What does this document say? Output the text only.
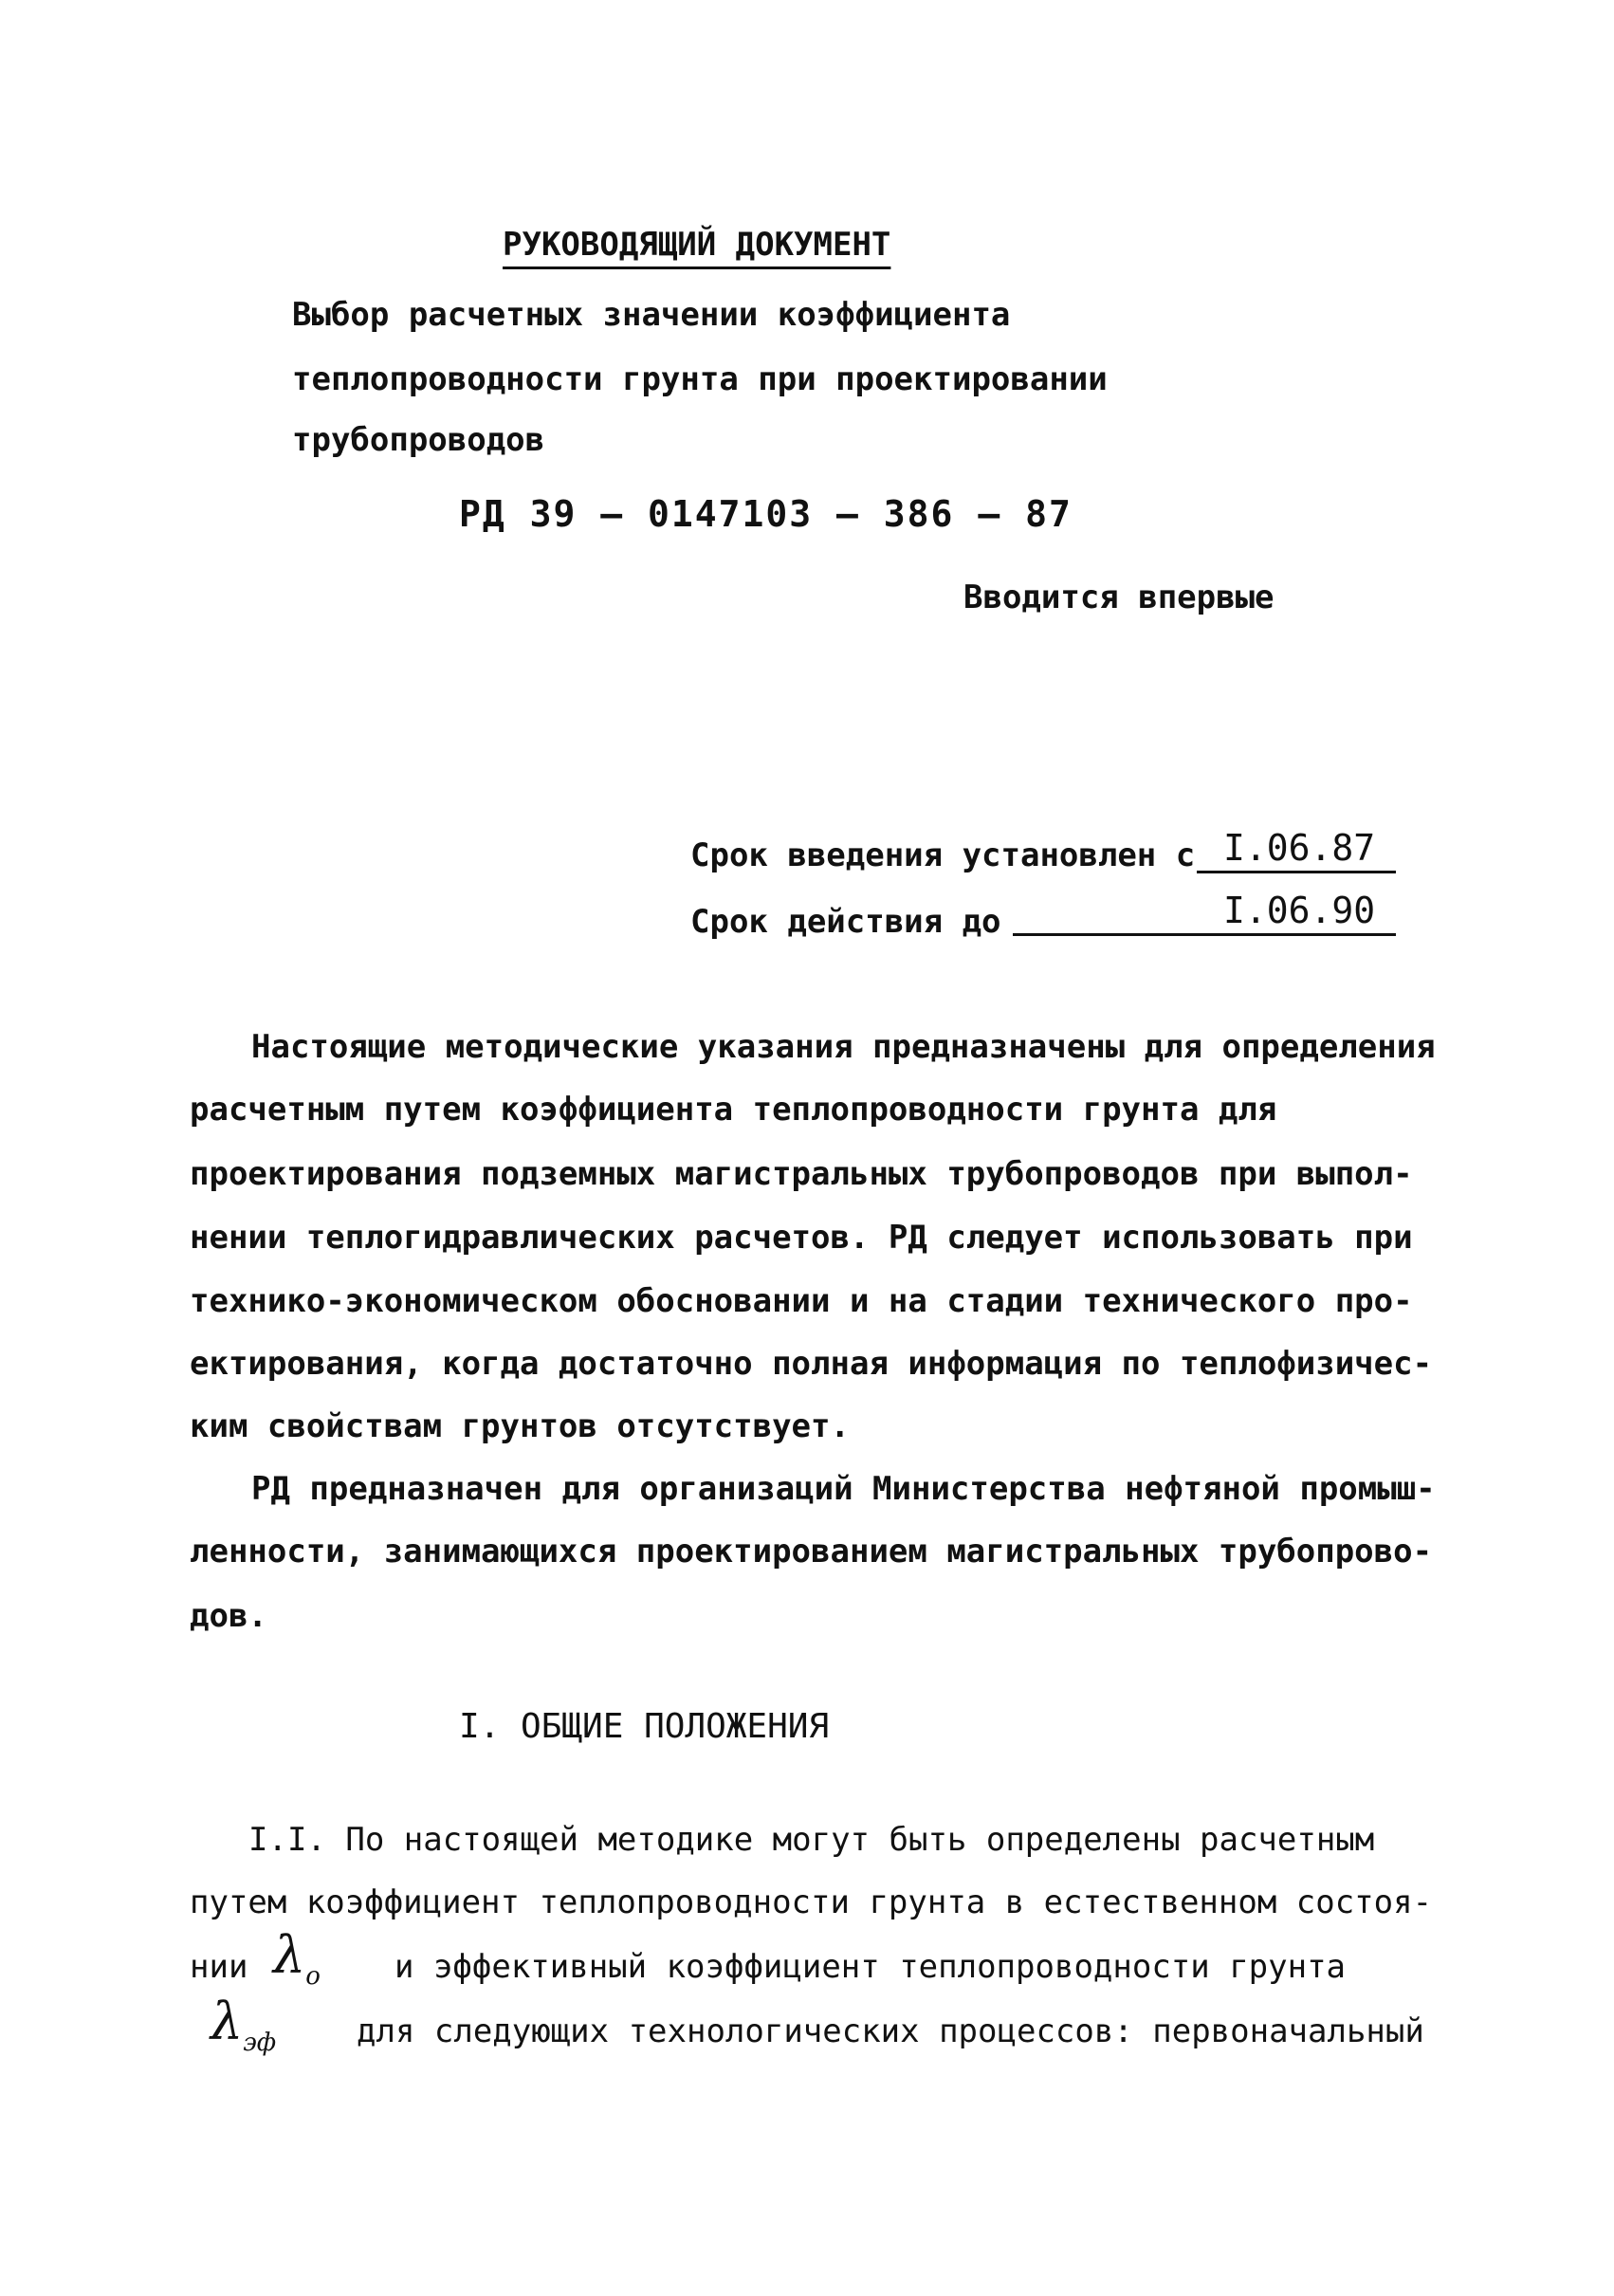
РУКОВОДЯЩИЙ ДОКУМЕНТ
Выбор расчетных значении коэффициента
теплопроводности грунта при проектировании
трубопроводов
РД 39 – 0147103 – 386 – 87
Вводится впервые
Срок введения установлен с I.06.87
Срок действия до	I.06.90
Настоящие методические указания предназначены для определения
расчетным путем коэффициента теплопроводности грунта для
проектирования подземных магистральных трубопроводов при выпол-
нении теплогидравлических расчетов. РД следует использовать при
технико-экономическом обосновании и на стадии технического про-
ектирования, когда достаточно полная информация по теплофизичес-
ким свойствам грунтов отсутствует.
РД предназначен для организаций Министерства нефтяной промыш-
ленности, занимающихся проектированием магистральных трубопрово-
дов.
I. ОБЩИЕ ПОЛОЖЕНИЯ
I.I. По настоящей методике могут быть определены расчетным
путем коэффициент теплопроводности грунта в естественном состоя-
нии $\lambda_o$ и эффективный коэффициент теплопроводности грунта
$\lambda_{эф}$ для следующих технологических процессов: первоначальный
